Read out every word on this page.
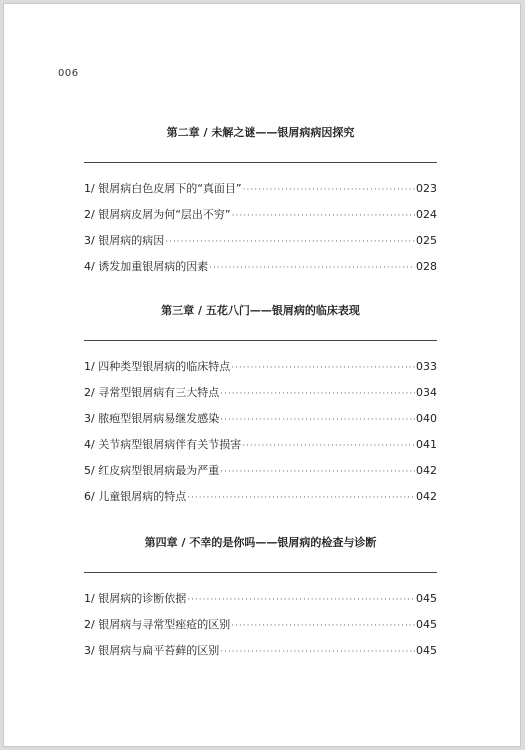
006
第二章 / 未解之谜——银屑病病因探究
1/ 银屑病白色皮屑下的“真面目” ·····	023
2/ 银屑病皮屑为何“层出不穷” ·····	024
3/ 银屑病的病因 ·····	025
4/ 诱发加重银屑病的因素 ·····	028
第三章 / 五花八门——银屑病的临床表现
1/ 四种类型银屑病的临床特点 ·····	033
2/ 寻常型银屑病有三大特点 ·····	034
3/ 脓疱型银屑病易继发感染 ·····	040
4/ 关节病型银屑病伴有关节损害 ·····	041
5/ 红皮病型银屑病最为严重 ·····	042
6/ 儿童银屑病的特点 ·····	042
第四章 / 不幸的是你吗——银屑病的检查与诊断
1/ 银屑病的诊断依据 ·····	045
2/ 银屑病与寻常型痤疮的区别 ·····	045
3/ 银屑病与扁平苔藓的区别 ·····	045
